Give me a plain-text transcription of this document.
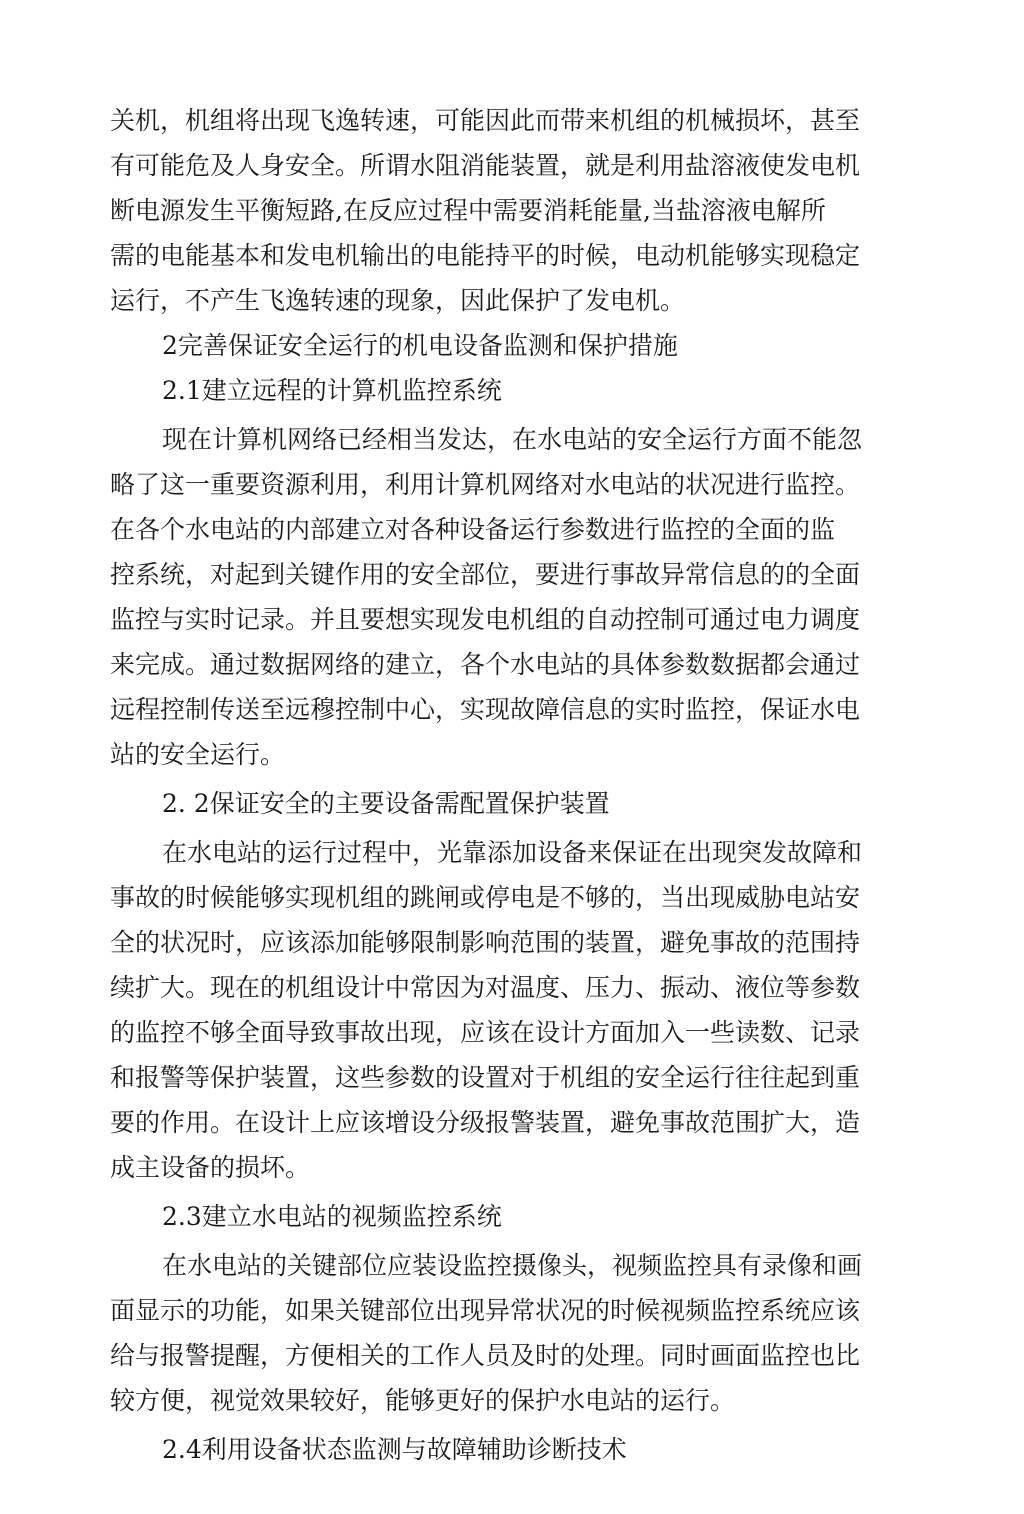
关机，机组将出现飞逸转速，可能因此而带来机组的机械损坏，甚至
有可能危及人身安全。所谓水阻消能装置，就是利用盐溶液使发电机
断电源发生平衡短路,在反应过程中需要消耗能量,当盐溶液电解所
需的电能基本和发电机输出的电能持平的时候，电动机能够实现稳定
运行，不产生飞逸转速的现象，因此保护了发电机。
2完善保证安全运行的机电设备监测和保护措施
2.1建立远程的计算机监控系统
现在计算机网络已经相当发达，在水电站的安全运行方面不能忽
略了这一重要资源利用，利用计算机网络对水电站的状况进行监控。
在各个水电站的内部建立对各种设备运行参数进行监控的全面的监
控系统，对起到关键作用的安全部位，要进行事故异常信息的的全面
监控与实时记录。并且要想实现发电机组的自动控制可通过电力调度
来完成。通过数据网络的建立，各个水电站的具体参数数据都会通过
远程控制传送至远穆控制中心，实现故障信息的实时监控，保证水电
站的安全运行。
2. 2保证安全的主要设备需配置保护装置
在水电站的运行过程中，光靠添加设备来保证在出现突发故障和
事故的时候能够实现机组的跳闸或停电是不够的，当出现威胁电站安
全的状况时，应该添加能够限制影响范围的装置，避免事故的范围持
续扩大。现在的机组设计中常因为对温度、压力、振动、液位等参数
的监控不够全面导致事故出现，应该在设计方面加入一些读数、记录
和报警等保护装置，这些参数的设置对于机组的安全运行往往起到重
要的作用。在设计上应该增设分级报警装置，避免事故范围扩大，造
成主设备的损坏。
2.3建立水电站的视频监控系统
在水电站的关键部位应装设监控摄像头，视频监控具有录像和画
面显示的功能，如果关键部位出现异常状况的时候视频监控系统应该
给与报警提醒，方便相关的工作人员及时的处理。同时画面监控也比
较方便，视觉效果较好，能够更好的保护水电站的运行。
2.4利用设备状态监测与故障辅助诊断技术
